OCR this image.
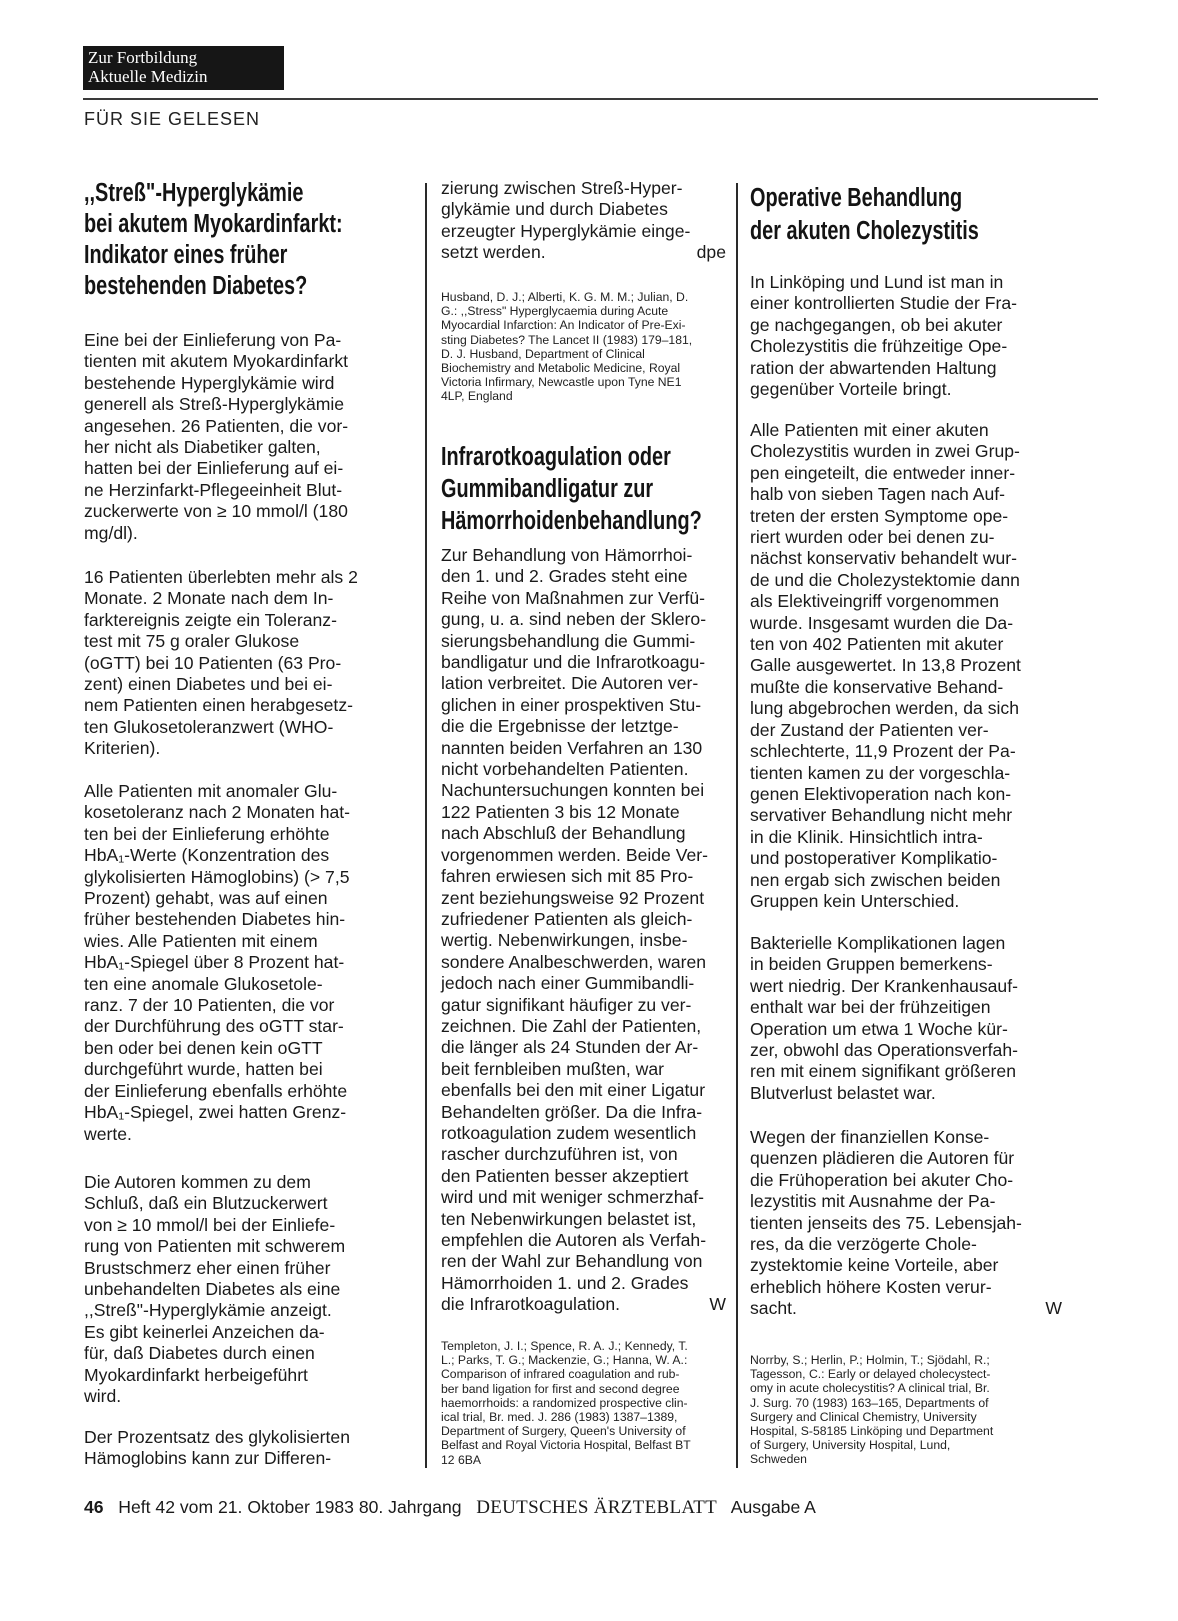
Zur Fortbildung
Aktuelle Medizin
FÜR SIE GELESEN
,,Streß"-Hyperglykämie
bei akutem Myokardinfarkt:
Indikator eines früher
bestehenden Diabetes?
Eine bei der Einlieferung von Pa-
tienten mit akutem Myokardinfarkt
bestehende Hyperglykämie wird
generell als Streß-Hyperglykämie
angesehen. 26 Patienten, die vor-
her nicht als Diabetiker galten,
hatten bei der Einlieferung auf ei-
ne Herzinfarkt-Pflegeeinheit Blut-
zuckerwerte von ≥ 10 mmol/l (180
mg/dl).
16 Patienten überlebten mehr als 2
Monate. 2 Monate nach dem In-
farktereignis zeigte ein Toleranz-
test mit 75 g oraler Glukose
(oGTT) bei 10 Patienten (63 Pro-
zent) einen Diabetes und bei ei-
nem Patienten einen herabgesetz-
ten Glukosetoleranzwert (WHO-
Kriterien).
Alle Patienten mit anomaler Glu-
kosetoleranz nach 2 Monaten hat-
ten bei der Einlieferung erhöhte
HbA₁-Werte (Konzentration des
glykolisierten Hämoglobins) (> 7,5
Prozent) gehabt, was auf einen
früher bestehenden Diabetes hin-
wies. Alle Patienten mit einem
HbA₁-Spiegel über 8 Prozent hat-
ten eine anomale Glukosetole-
ranz. 7 der 10 Patienten, die vor
der Durchführung des oGTT star-
ben oder bei denen kein oGTT
durchgeführt wurde, hatten bei
der Einlieferung ebenfalls erhöhte
HbA₁-Spiegel, zwei hatten Grenz-
werte.
Die Autoren kommen zu dem
Schluß, daß ein Blutzuckerwert
von ≥ 10 mmol/l bei der Einliefe-
rung von Patienten mit schwerem
Brustschmerz eher einen früher
unbehandelten Diabetes als eine
,,Streß"-Hyperglykämie anzeigt.
Es gibt keinerlei Anzeichen da-
für, daß Diabetes durch einen
Myokardinfarkt herbeigeführt
wird.
Der Prozentsatz des glykolisierten
Hämoglobins kann zur Differen-
zierung zwischen Streß-Hyper-
glykämie und durch Diabetes
erzeugter Hyperglykämie einge-
setzt werden.	dpe
Husband, D. J.; Alberti, K. G. M. M.; Julian, D.
G.: ,,Stress" Hyperglycaemia during Acute
Myocardial Infarction: An Indicator of Pre-Exi-
sting Diabetes? The Lancet II (1983) 179–181,
D. J. Husband, Department of Clinical
Biochemistry and Metabolic Medicine, Royal
Victoria Infirmary, Newcastle upon Tyne NE1
4LP, England
Infrarotkoagulation oder
Gummibandligatur zur
Hämorrhoidenbehandlung?
Zur Behandlung von Hämorrhoi-
den 1. und 2. Grades steht eine
Reihe von Maßnahmen zur Verfü-
gung, u. a. sind neben der Sklero-
sierungsbehandlung die Gummi-
bandligatur und die Infrarotkoagu-
lation verbreitet. Die Autoren ver-
glichen in einer prospektiven Stu-
die die Ergebnisse der letztge-
nannten beiden Verfahren an 130
nicht vorbehandelten Patienten.
Nachuntersuchungen konnten bei
122 Patienten 3 bis 12 Monate
nach Abschluß der Behandlung
vorgenommen werden. Beide Ver-
fahren erwiesen sich mit 85 Pro-
zent beziehungsweise 92 Prozent
zufriedener Patienten als gleich-
wertig. Nebenwirkungen, insbe-
sondere Analbeschwerden, waren
jedoch nach einer Gummibandli-
gatur signifikant häufiger zu ver-
zeichnen. Die Zahl der Patienten,
die länger als 24 Stunden der Ar-
beit fernbleiben mußten, war
ebenfalls bei den mit einer Ligatur
Behandelten größer. Da die Infra-
rotkoagulation zudem wesentlich
rascher durchzuführen ist, von
den Patienten besser akzeptiert
wird und mit weniger schmerzhaf-
ten Nebenwirkungen belastet ist,
empfehlen die Autoren als Verfah-
ren der Wahl zur Behandlung von
Hämorrhoiden 1. und 2. Grades
die Infrarotkoagulation.	W
Templeton, J. I.; Spence, R. A. J.; Kennedy, T.
L.; Parks, T. G.; Mackenzie, G.; Hanna, W. A.:
Comparison of infrared coagulation and rub-
ber band ligation for first and second degree
haemorrhoids: a randomized prospective clin-
ical trial, Br. med. J. 286 (1983) 1387–1389,
Department of Surgery, Queen's University of
Belfast and Royal Victoria Hospital, Belfast BT
12 6BA
Operative Behandlung
der akuten Cholezystitis
In Linköping und Lund ist man in
einer kontrollierten Studie der Fra-
ge nachgegangen, ob bei akuter
Cholezystitis die frühzeitige Ope-
ration der abwartenden Haltung
gegenüber Vorteile bringt.
Alle Patienten mit einer akuten
Cholezystitis wurden in zwei Grup-
pen eingeteilt, die entweder inner-
halb von sieben Tagen nach Auf-
treten der ersten Symptome ope-
riert wurden oder bei denen zu-
nächst konservativ behandelt wur-
de und die Cholezystektomie dann
als Elektiveingriff vorgenommen
wurde. Insgesamt wurden die Da-
ten von 402 Patienten mit akuter
Galle ausgewertet. In 13,8 Prozent
mußte die konservative Behand-
lung abgebrochen werden, da sich
der Zustand der Patienten ver-
schlechterte, 11,9 Prozent der Pa-
tienten kamen zu der vorgeschla-
genen Elektivoperation nach kon-
servativer Behandlung nicht mehr
in die Klinik. Hinsichtlich intra-
und postoperativer Komplikatio-
nen ergab sich zwischen beiden
Gruppen kein Unterschied.
Bakterielle Komplikationen lagen
in beiden Gruppen bemerkens-
wert niedrig. Der Krankenhausauf-
enthalt war bei der frühzeitigen
Operation um etwa 1 Woche kür-
zer, obwohl das Operationsverfah-
ren mit einem signifikant größeren
Blutverlust belastet war.
Wegen der finanziellen Konse-
quenzen plädieren die Autoren für
die Frühoperation bei akuter Cho-
lezystitis mit Ausnahme der Pa-
tienten jenseits des 75. Lebensjah-
res, da die verzögerte Chole-
zystektomie keine Vorteile, aber
erheblich höhere Kosten verur-
sacht.	W
Norrby, S.; Herlin, P.; Holmin, T.; Sjödahl, R.;
Tagesson, C.: Early or delayed cholecystect-
omy in acute cholecystitis? A clinical trial, Br.
J. Surg. 70 (1983) 163–165, Departments of
Surgery and Clinical Chemistry, University
Hospital, S-58185 Linköping und Department
of Surgery, University Hospital, Lund,
Schweden
46 Heft 42 vom 21. Oktober 1983 80. Jahrgang DEUTSCHES ÄRZTEBLATT Ausgabe A
